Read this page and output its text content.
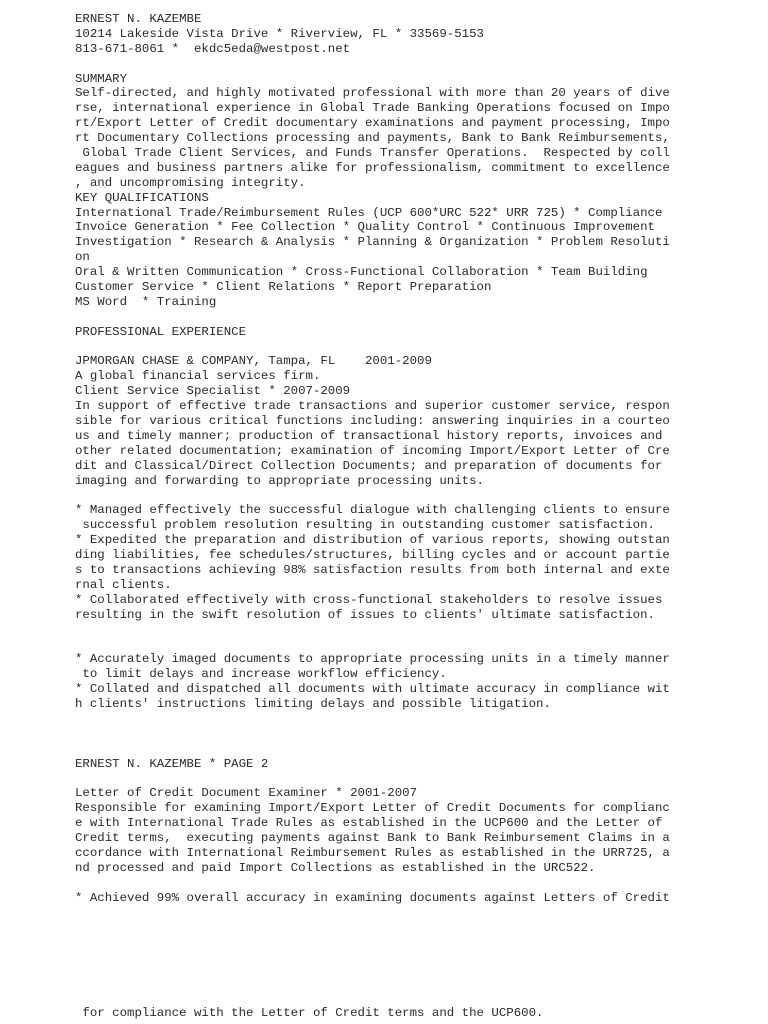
ERNEST N. KAZEMBE
10214 Lakeside Vista Drive * Riverview, FL * 33569-5153
813-671-8061 *  ekdc5eda@westpost.net
SUMMARY
Self-directed, and highly motivated professional with more than 20 years of dive
rse, international experience in Global Trade Banking Operations focused on Impo
rt/Export Letter of Credit documentary examinations and payment processing, Impo
rt Documentary Collections processing and payments, Bank to Bank Reimbursements,
Global Trade Client Services, and Funds Transfer Operations.  Respected by coll
eagues and business partners alike for professionalism, commitment to excellence
, and uncompromising integrity.
KEY QUALIFICATIONS
International Trade/Reimbursement Rules (UCP 600*URC 522* URR 725) * Compliance
Invoice Generation * Fee Collection * Quality Control * Continuous Improvement
Investigation * Research & Analysis * Planning & Organization * Problem Resoluti
on
Oral & Written Communication * Cross-Functional Collaboration * Team Building
Customer Service * Client Relations * Report Preparation
MS Word  * Training
PROFESSIONAL EXPERIENCE
JPMORGAN CHASE & COMPANY, Tampa, FL    2001-2009
A global financial services firm.
Client Service Specialist * 2007-2009
In support of effective trade transactions and superior customer service, respon
sible for various critical functions including: answering inquiries in a courteo
us and timely manner; production of transactional history reports, invoices and
other related documentation; examination of incoming Import/Export Letter of Cre
dit and Classical/Direct Collection Documents; and preparation of documents for
imaging and forwarding to appropriate processing units.
* Managed effectively the successful dialogue with challenging clients to ensure
successful problem resolution resulting in outstanding customer satisfaction.
* Expedited the preparation and distribution of various reports, showing outstan
ding liabilities, fee schedules/structures, billing cycles and or account partie
s to transactions achieving 98% satisfaction results from both internal and exte
rnal clients.
* Collaborated effectively with cross-functional stakeholders to resolve issues
resulting in the swift resolution of issues to clients' ultimate satisfaction.
* Accurately imaged documents to appropriate processing units in a timely manner
to limit delays and increase workflow efficiency.
* Collated and dispatched all documents with ultimate accuracy in compliance wit
h clients' instructions limiting delays and possible litigation.
ERNEST N. KAZEMBE * PAGE 2
Letter of Credit Document Examiner * 2001-2007
Responsible for examining Import/Export Letter of Credit Documents for complianc
e with International Trade Rules as established in the UCP600 and the Letter of
Credit terms,  executing payments against Bank to Bank Reimbursement Claims in a
ccordance with International Reimbursement Rules as established in the URR725, a
nd processed and paid Import Collections as established in the URC522.
* Achieved 99% overall accuracy in examining documents against Letters of Credit
for compliance with the Letter of Credit terms and the UCP600.
